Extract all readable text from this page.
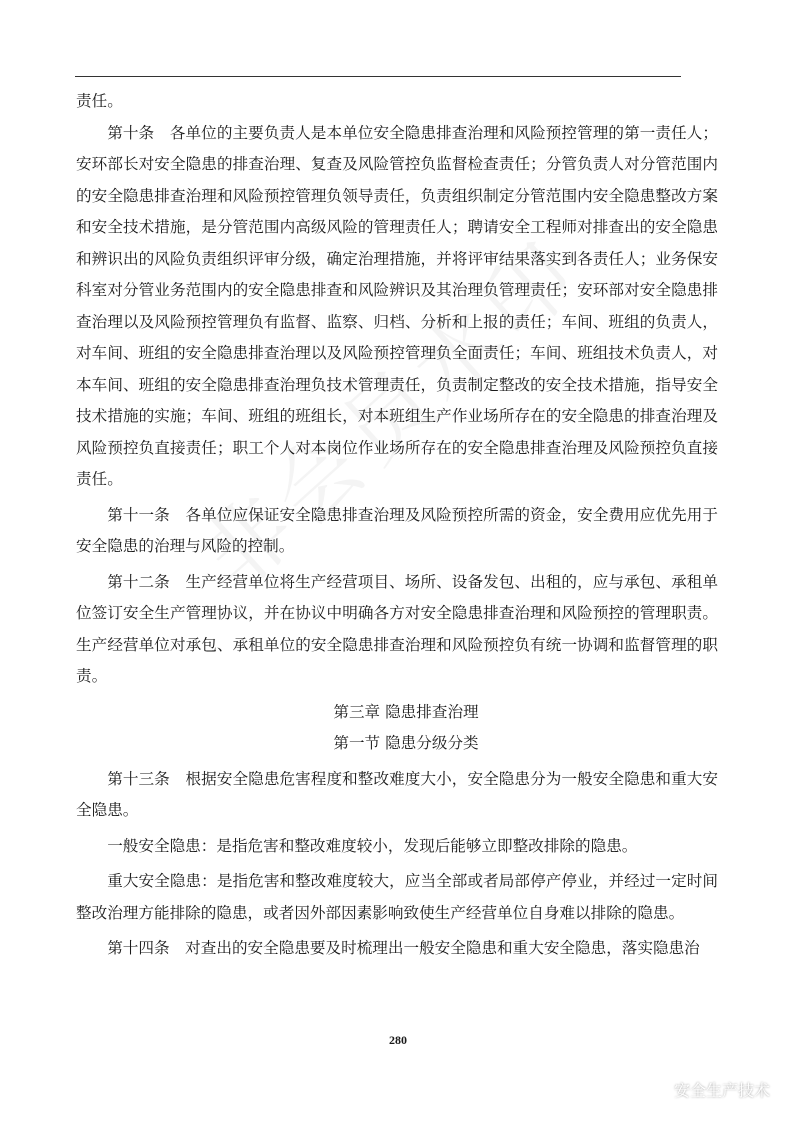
责任。

第十条　各单位的主要负责人是本单位安全隐患排查治理和风险预控管理的第一责任人；安环部长对安全隐患的排查治理、复查及风险管控负监督检查责任；分管负责人对分管范围内的安全隐患排查治理和风险预控管理负领导责任，负责组织制定分管范围内安全隐患整改方案和安全技术措施，是分管范围内高级风险的管理责任人；聘请安全工程师对排查出的安全隐患和辨识出的风险负责组织评审分级，确定治理措施，并将评审结果落实到各责任人；业务保安科室对分管业务范围内的安全隐患排查和风险辨识及其治理负管理责任；安环部对安全隐患排查治理以及风险预控管理负有监督、监察、归档、分析和上报的责任；车间、班组的负责人，对车间、班组的安全隐患排查治理以及风险预控管理负全面责任；车间、班组技术负责人，对本车间、班组的安全隐患排查治理负技术管理责任，负责制定整改的安全技术措施，指导安全技术措施的实施；车间、班组的班组长，对本班组生产作业场所存在的安全隐患的排查治理及风险预控负直接责任；职工个人对本岗位作业场所存在的安全隐患排查治理及风险预控负直接责任。

第十一条　各单位应保证安全隐患排查治理及风险预控所需的资金，安全费用应优先用于安全隐患的治理与风险的控制。

第十二条　生产经营单位将生产经营项目、场所、设备发包、出租的，应与承包、承租单位签订安全生产管理协议，并在协议中明确各方对安全隐患排查治理和风险预控的管理职责。生产经营单位对承包、承租单位的安全隐患排查治理和风险预控负有统一协调和监督管理的职责。

第三章 隐患排查治理
第一节 隐患分级分类

第十三条　根据安全隐患危害程度和整改难度大小，安全隐患分为一般安全隐患和重大安全隐患。

一般安全隐患：是指危害和整改难度较小，发现后能够立即整改排除的隐患。

重大安全隐患：是指危害和整改难度较大，应当全部或者局部停产停业，并经过一定时间整改治理方能排除的隐患，或者因外部因素影响致使生产经营单位自身难以排除的隐患。

第十四条　对查出的安全隐患要及时梳理出一般安全隐患和重大安全隐患，落实隐患治

280
安全生产技术
